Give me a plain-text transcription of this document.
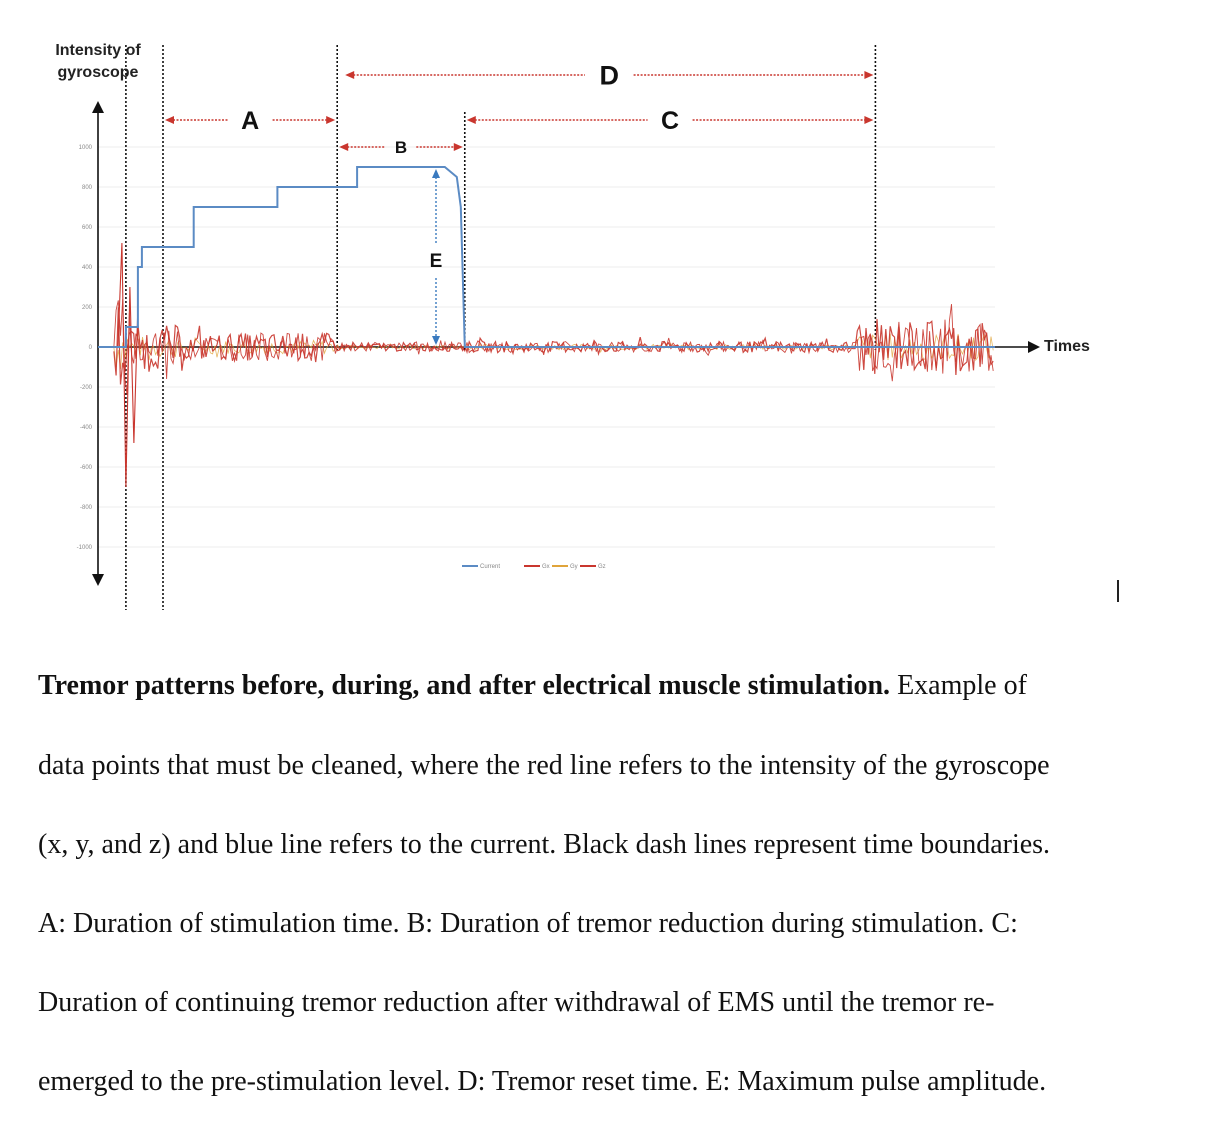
1000
800
600
400
200
0
-200
-400
-600
-800
-1000
A
B
C
D
E
Current	Gx	Gy	Gz
Intensity of
gyroscope
Times
Tremor patterns before, during, and after electrical muscle stimulation. Example of
data points that must be cleaned, where the red line refers to the intensity of the gyroscope
(x, y, and z) and blue line refers to the current. Black dash lines represent time boundaries.
A: Duration of stimulation time. B: Duration of tremor reduction during stimulation. C:
Duration of continuing tremor reduction after withdrawal of EMS until the tremor re-
emerged to the pre-stimulation level. D: Tremor reset time. E: Maximum pulse amplitude.
